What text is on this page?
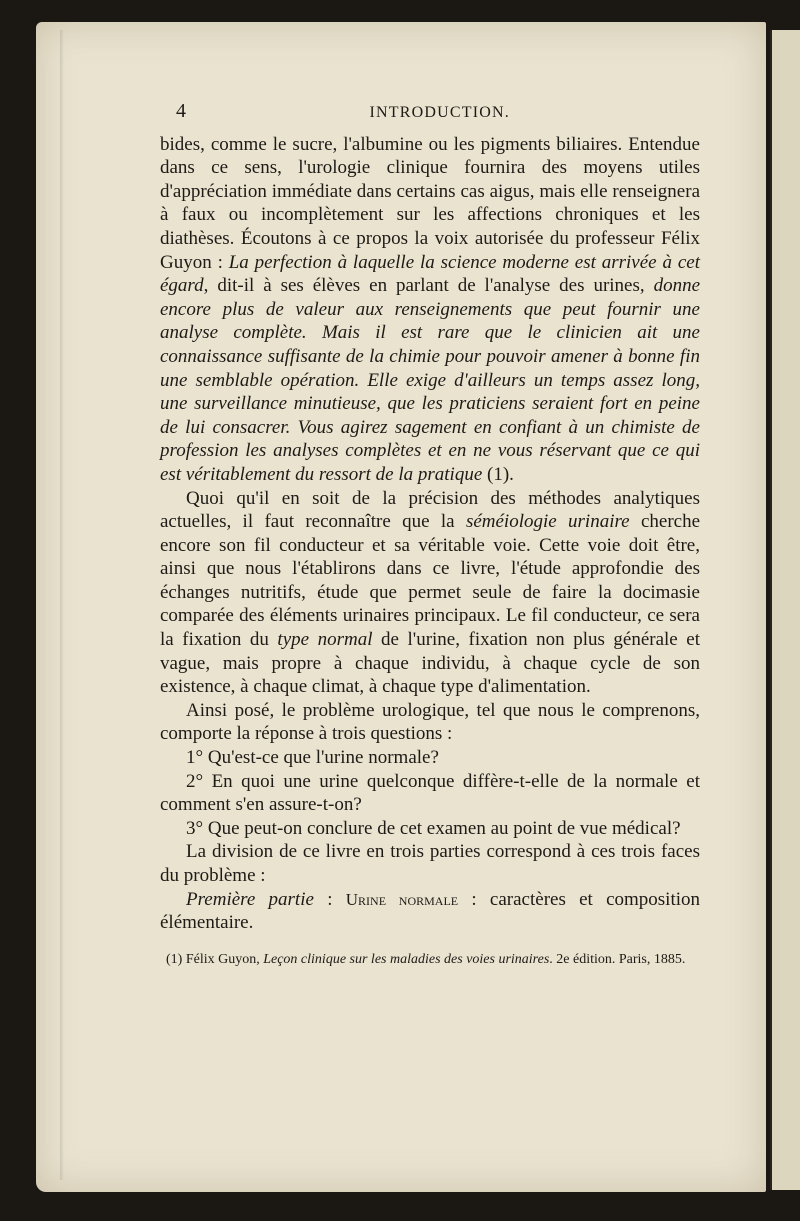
4	INTRODUCTION.

bides, comme le sucre, l'albumine ou les pigments biliaires. Entendue dans ce sens, l'urologie clinique fournira des moyens utiles d'appréciation immédiate dans certains cas aigus, mais elle renseignera à faux ou incomplètement sur les affections chroniques et les diathèses. Écoutons à ce propos la voix autorisée du professeur Félix Guyon : La perfection à laquelle la science moderne est arrivée à cet égard, dit-il à ses élèves en parlant de l'analyse des urines, donne encore plus de valeur aux renseignements que peut fournir une analyse complète. Mais il est rare que le clinicien ait une connaissance suffisante de la chimie pour pouvoir amener à bonne fin une semblable opération. Elle exige d'ailleurs un temps assez long, une surveillance minutieuse, que les praticiens seraient fort en peine de lui consacrer. Vous agirez sagement en confiant à un chimiste de profession les analyses complètes et en ne vous réservant que ce qui est véritablement du ressort de la pratique (1).

Quoi qu'il en soit de la précision des méthodes analytiques actuelles, il faut reconnaître que la séméiologie urinaire cherche encore son fil conducteur et sa véritable voie. Cette voie doit être, ainsi que nous l'établirons dans ce livre, l'étude approfondie des échanges nutritifs, étude que permet seule de faire la docimasie comparée des éléments urinaires principaux. Le fil conducteur, ce sera la fixation du type normal de l'urine, fixation non plus générale et vague, mais propre à chaque individu, à chaque cycle de son existence, à chaque climat, à chaque type d'alimentation.

Ainsi posé, le problème urologique, tel que nous le comprenons, comporte la réponse à trois questions :

1° Qu'est-ce que l'urine normale?

2° En quoi une urine quelconque diffère-t-elle de la normale et comment s'en assure-t-on?

3° Que peut-on conclure de cet examen au point de vue médical?

La division de ce livre en trois parties correspond à ces trois faces du problème :

Première partie : Urine normale : caractères et composition élémentaire.

(1) Félix Guyon, Leçon clinique sur les maladies des voies urinaires. 2e édition. Paris, 1885.
